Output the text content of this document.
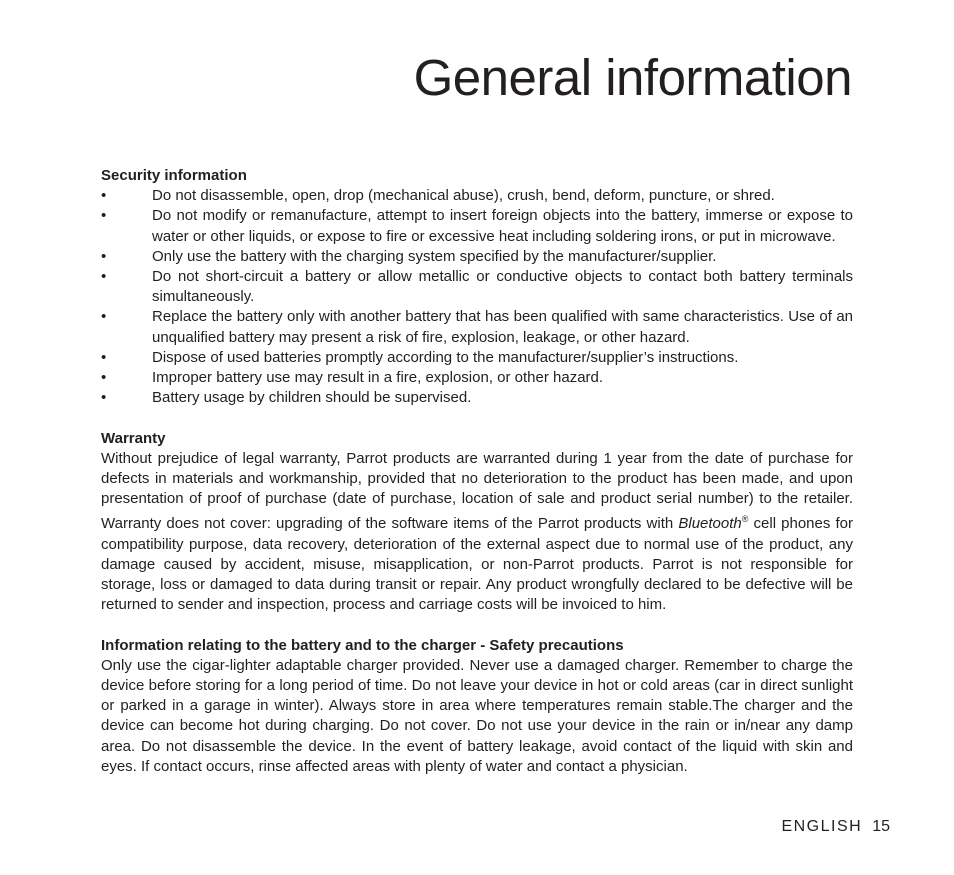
General information
Security information
•	Do not disassemble, open, drop (mechanical abuse), crush, bend, deform, puncture, or shred.
•	Do not modify or remanufacture, attempt to insert foreign objects into the battery, immerse or expose to water or other liquids, or expose to fire or excessive heat including soldering irons, or put in microwave.
•	Only use the battery with the charging system specified by the manufacturer/supplier.
•	Do not short-circuit a battery or allow metallic or conductive objects to contact both battery terminals simultaneously.
•	Replace the battery only with another battery that has been qualified with same characteristics. Use of an unqualified battery may present a risk of fire, explosion, leakage, or other hazard.
•	Dispose of used batteries promptly according to the manufacturer/supplier’s instructions.
•	Improper battery use may result in a fire, explosion, or other hazard.
•	Battery usage by children should be supervised.
Warranty

Without prejudice of legal warranty, Parrot products are warranted during 1 year from the date of purchase for defects in materials and workmanship, provided that no deterioration to the product has been made, and upon presentation of proof of purchase (date of purchase, location of sale and product serial number) to the retailer. Warranty does not cover: upgrading of the software items of the Parrot products with Bluetooth® cell phones for compatibility purpose, data recovery, deterioration of the external aspect due to normal use of the product, any damage caused by accident, misuse, misapplication, or non-Parrot products. Parrot is not responsible for storage, loss or damaged to data during transit or repair. Any product wrongfully declared to be defective will be returned to sender and inspection, process and carriage costs will be invoiced to him.

Information relating to the battery and to the charger - Safety precautions

Only use the cigar-lighter adaptable charger provided. Never use a damaged charger. Remember to charge the device before storing for a long period of time. Do not leave your device in hot or cold areas (car in direct sunlight or parked in a garage in winter). Always store in area where temperatures remain stable.The charger and the device can become hot during charging. Do not cover. Do not use your device in the rain or in/near any damp area. Do not disassemble the device. In the event of battery leakage, avoid contact of the liquid with skin and eyes. If contact occurs, rinse affected areas with plenty of water and contact a physician.

ENGLISH 15
